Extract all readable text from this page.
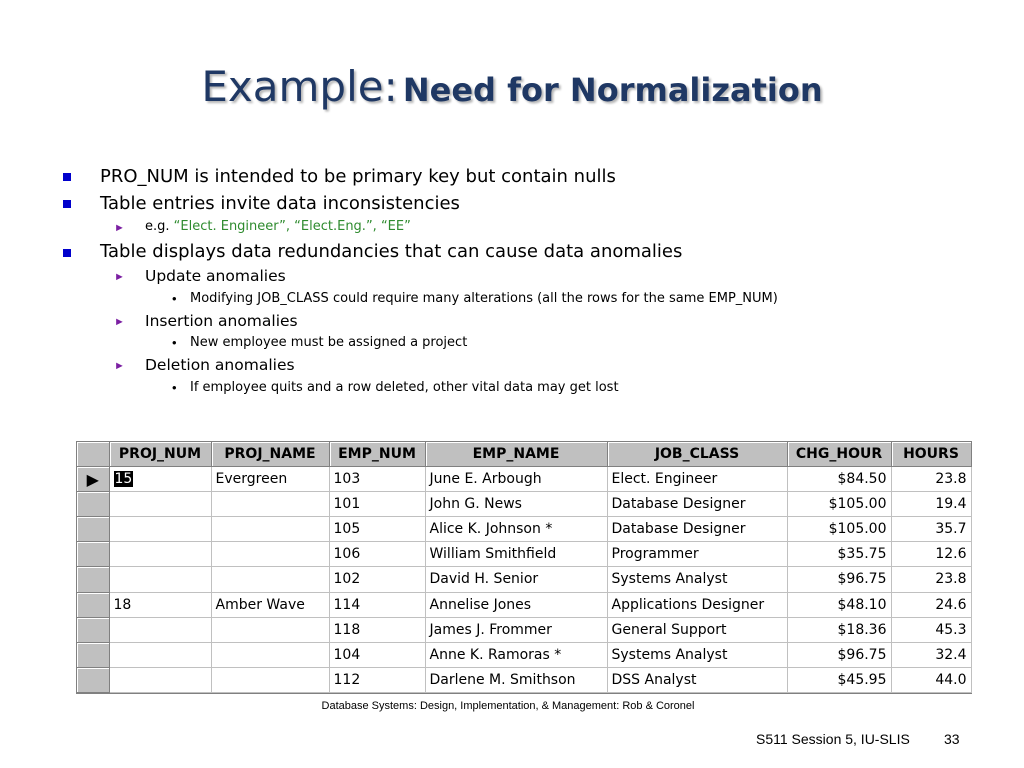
Example: Need for Normalization
PRO_NUM is intended to be primary key but contain nulls
Table entries invite data inconsistencies
► e.g. “Elect. Engineer”, “Elect.Eng.”, “EE”
Table displays data redundancies that can cause data anomalies
► Update anomalies
• Modifying JOB_CLASS could require many alterations (all the rows for the same EMP_NUM)
► Insertion anomalies
• New employee must be assigned a project
► Deletion anomalies
• If employee quits and a row deleted, other vital data may get lost
	PROJ_NUM	PROJ_NAME	EMP_NUM	EMP_NAME	JOB_CLASS	CHG_HOUR	HOURS
▶	15	Evergreen	103	June E. Arbough	Elect. Engineer	$84.50	23.8
			101	John G. News	Database Designer	$105.00	19.4
			105	Alice K. Johnson *	Database Designer	$105.00	35.7
			106	William Smithfield	Programmer	$35.75	12.6
			102	David H. Senior	Systems Analyst	$96.75	23.8
	18	Amber Wave	114	Annelise Jones	Applications Designer	$48.10	24.6
			118	James J. Frommer	General Support	$18.36	45.3
			104	Anne K. Ramoras *	Systems Analyst	$96.75	32.4
			112	Darlene M. Smithson	DSS Analyst	$45.95	44.0
Database Systems: Design, Implementation, & Management: Rob & Coronel
S511 Session 5, IU-SLIS 33
